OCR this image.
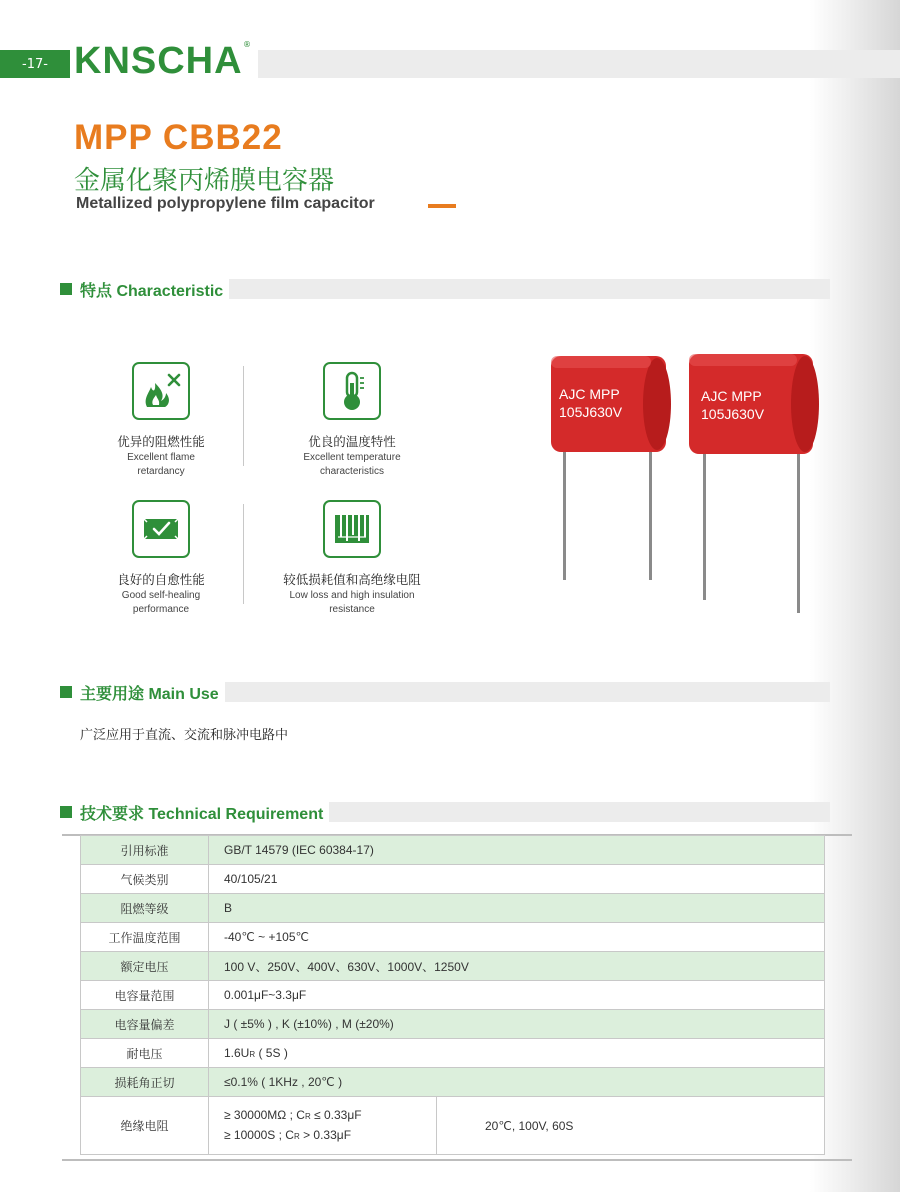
-17- KNSCHA ®
MPP CBB22
金属化聚丙烯膜电容器
Metallized polypropylene film capacitor
特点 Characteristic
优异的阻燃性能
Excellent flame
retardancy
优良的温度特性
Excellent temperature
characteristics
良好的自愈性能
Good self-healing
performance
较低损耗值和高绝缘电阻
Low loss and high insulation
resistance
AJC MPP
105J630V
AJC MPP
105J630V
主要用途 Main Use
广泛应用于直流、交流和脉冲电路中
技术要求 Technical Requirement
引用标准	GB/T 14579 (IEC 60384-17)	
气候类别	40/105/21	
阻燃等级	B	
工作温度范围	-40℃ ~ +105℃	
额定电压	100 V、250V、400V、630V、1000V、1250V	
电容量范围	0.001μF~3.3μF	
电容量偏差	J ( ±5% ) , K (±10%) , M (±20%)	
耐电压	1.6UR ( 5S )	
损耗角正切	≤0.1% ( 1KHz , 20℃ )	
绝缘电阻	≥ 30000MΩ ; CR ≤ 0.33μF
≥ 10000S ; CR > 0.33μF	20℃, 100V, 60S
